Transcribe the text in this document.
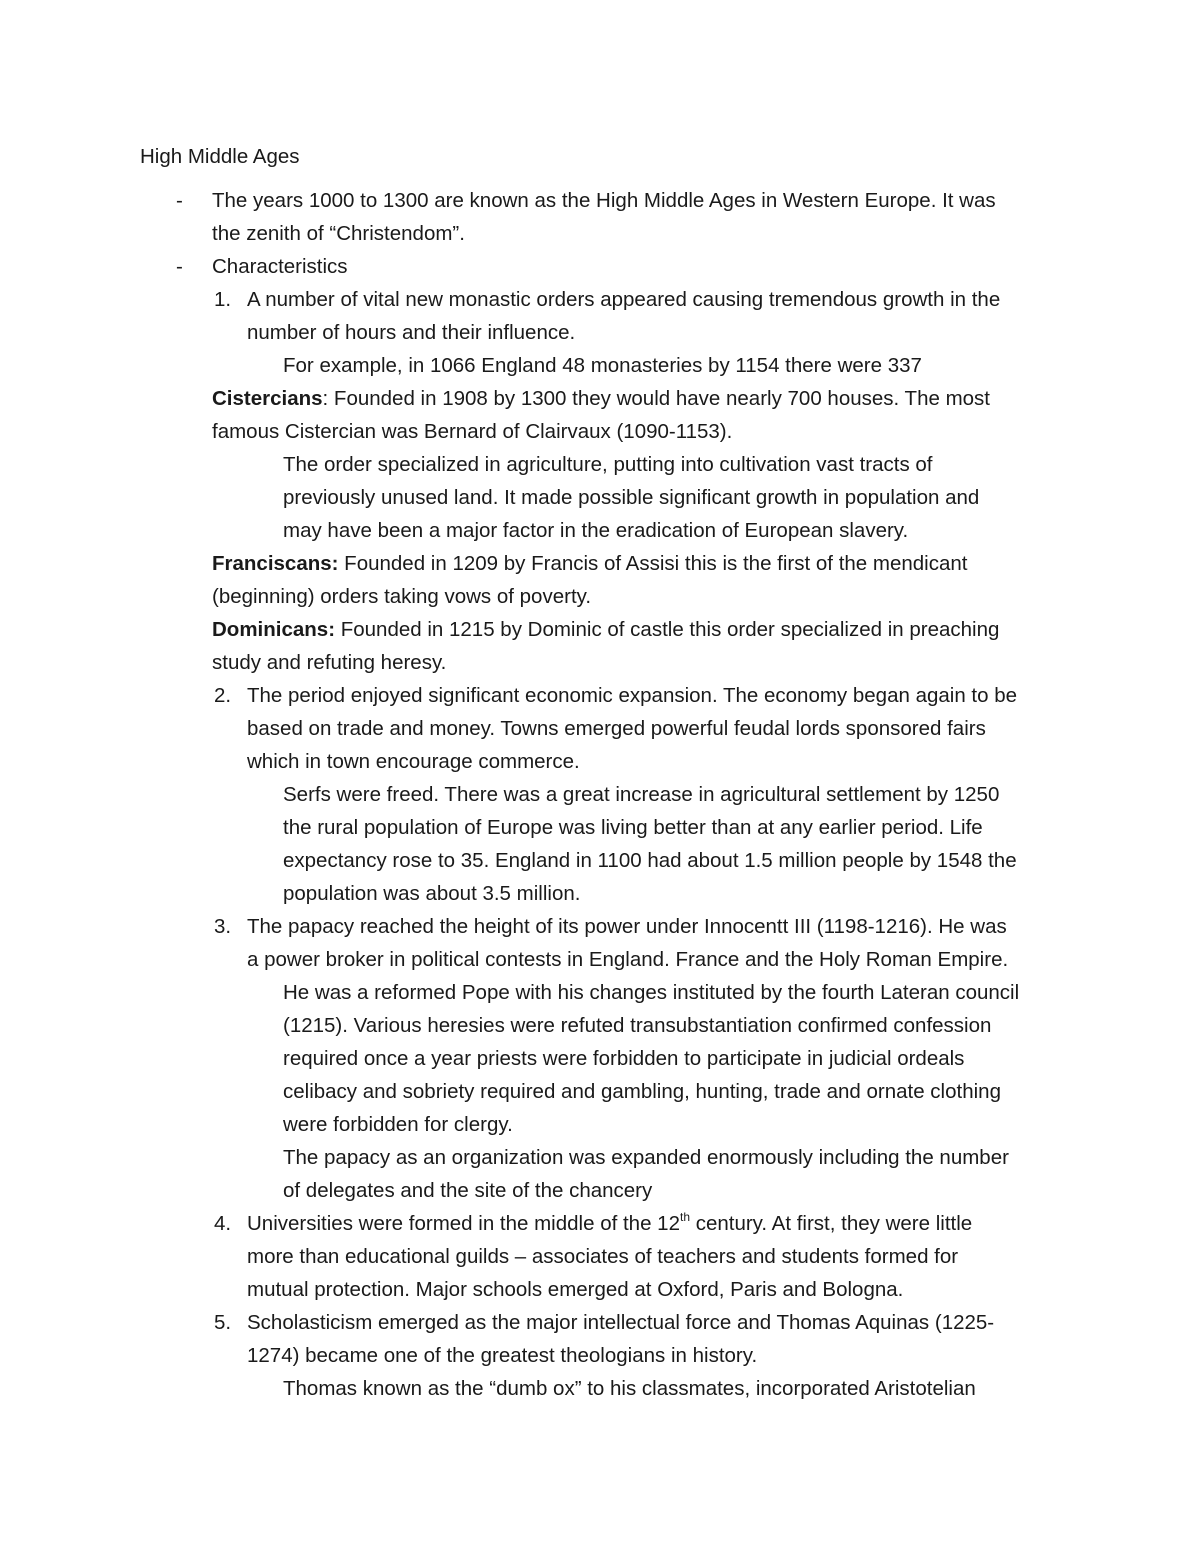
High Middle Ages
- The years 1000 to 1300 are known as the High Middle Ages in Western Europe. It was
the zenith of “Christendom”.
- Characteristics
1. A number of vital new monastic orders appeared causing tremendous growth in the
number of hours and their influence.
For example, in 1066 England 48 monasteries by 1154 there were 337
Cistercians: Founded in 1908 by 1300 they would have nearly 700 houses. The most
famous Cistercian was Bernard of Clairvaux (1090-1153).
The order specialized in agriculture, putting into cultivation vast tracts of
previously unused land. It made possible significant growth in population and
may have been a major factor in the eradication of European slavery.
Franciscans: Founded in 1209 by Francis of Assisi this is the first of the mendicant
(beginning) orders taking vows of poverty.
Dominicans: Founded in 1215 by Dominic of castle this order specialized in preaching
study and refuting heresy.
2. The period enjoyed significant economic expansion. The economy began again to be
based on trade and money. Towns emerged powerful feudal lords sponsored fairs
which in town encourage commerce.
Serfs were freed. There was a great increase in agricultural settlement by 1250
the rural population of Europe was living better than at any earlier period. Life
expectancy rose to 35. England in 1100 had about 1.5 million people by 1548 the
population was about 3.5 million.
3. The papacy reached the height of its power under Innocentt III (1198-1216). He was
a power broker in political contests in England. France and the Holy Roman Empire.
He was a reformed Pope with his changes instituted by the fourth Lateran council
(1215). Various heresies were refuted transubstantiation confirmed confession
required once a year priests were forbidden to participate in judicial ordeals
celibacy and sobriety required and gambling, hunting, trade and ornate clothing
were forbidden for clergy.
The papacy as an organization was expanded enormously including the number
of delegates and the site of the chancery
4. Universities were formed in the middle of the 12th century. At first, they were little
more than educational guilds – associates of teachers and students formed for
mutual protection. Major schools emerged at Oxford, Paris and Bologna.
5. Scholasticism emerged as the major intellectual force and Thomas Aquinas (1225-
1274) became one of the greatest theologians in history.
Thomas known as the “dumb ox” to his classmates, incorporated Aristotelian
